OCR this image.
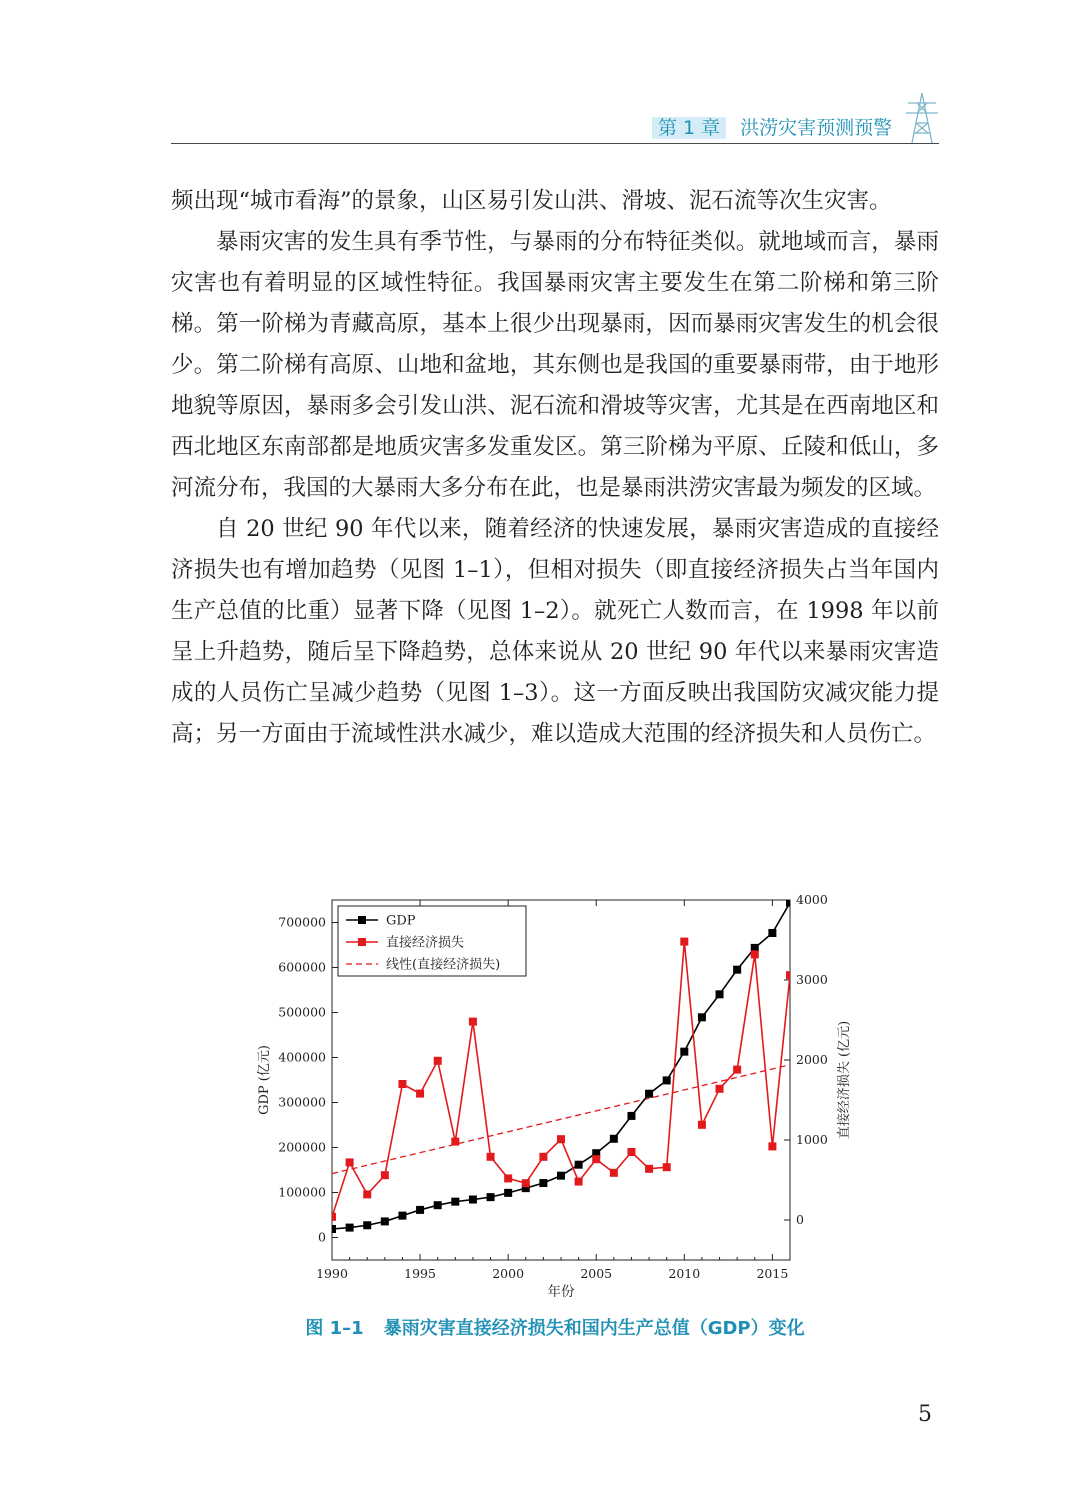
第 1 章 洪涝灾害预测预警

频出现“城市看海”的景象，山区易引发山洪、滑坡、泥石流等次生灾害。

暴雨灾害的发生具有季节性，与暴雨的分布特征类似。就地域而言，暴雨灾害也有着明显的区域性特征。我国暴雨灾害主要发生在第二阶梯和第三阶梯。第一阶梯为青藏高原，基本上很少出现暴雨，因而暴雨灾害发生的机会很少。第二阶梯有高原、山地和盆地，其东侧也是我国的重要暴雨带，由于地形地貌等原因，暴雨多会引发山洪、泥石流和滑坡等灾害，尤其是在西南地区和西北地区东南部都是地质灾害多发重发区。第三阶梯为平原、丘陵和低山，多河流分布，我国的大暴雨大多分布在此，也是暴雨洪涝灾害最为频发的区域。

自 20 世纪 90 年代以来，随着经济的快速发展，暴雨灾害造成的直接经济损失也有增加趋势（见图 1–1），但相对损失（即直接经济损失占当年国内生产总值的比重）显著下降（见图 1–2）。就死亡人数而言，在 1998 年以前呈上升趋势，随后呈下降趋势，总体来说从 20 世纪 90 年代以来暴雨灾害造成的人员伤亡呈减少趋势（见图 1–3）。这一方面反映出我国防灾减灾能力提高；另一方面由于流域性洪水减少，难以造成大范围的经济损失和人员伤亡。

1990	1995	2000	2005	2010	2015
0
100000
200000
300000
400000
500000
600000
700000
0
1000
2000
3000
4000
年份
GDP (亿元)	直接经济损失 (亿元)
GDP
直接经济损失
线性(直接经济损失)
图 1–1 暴雨灾害直接经济损失和国内生产总值（GDP）变化
5
